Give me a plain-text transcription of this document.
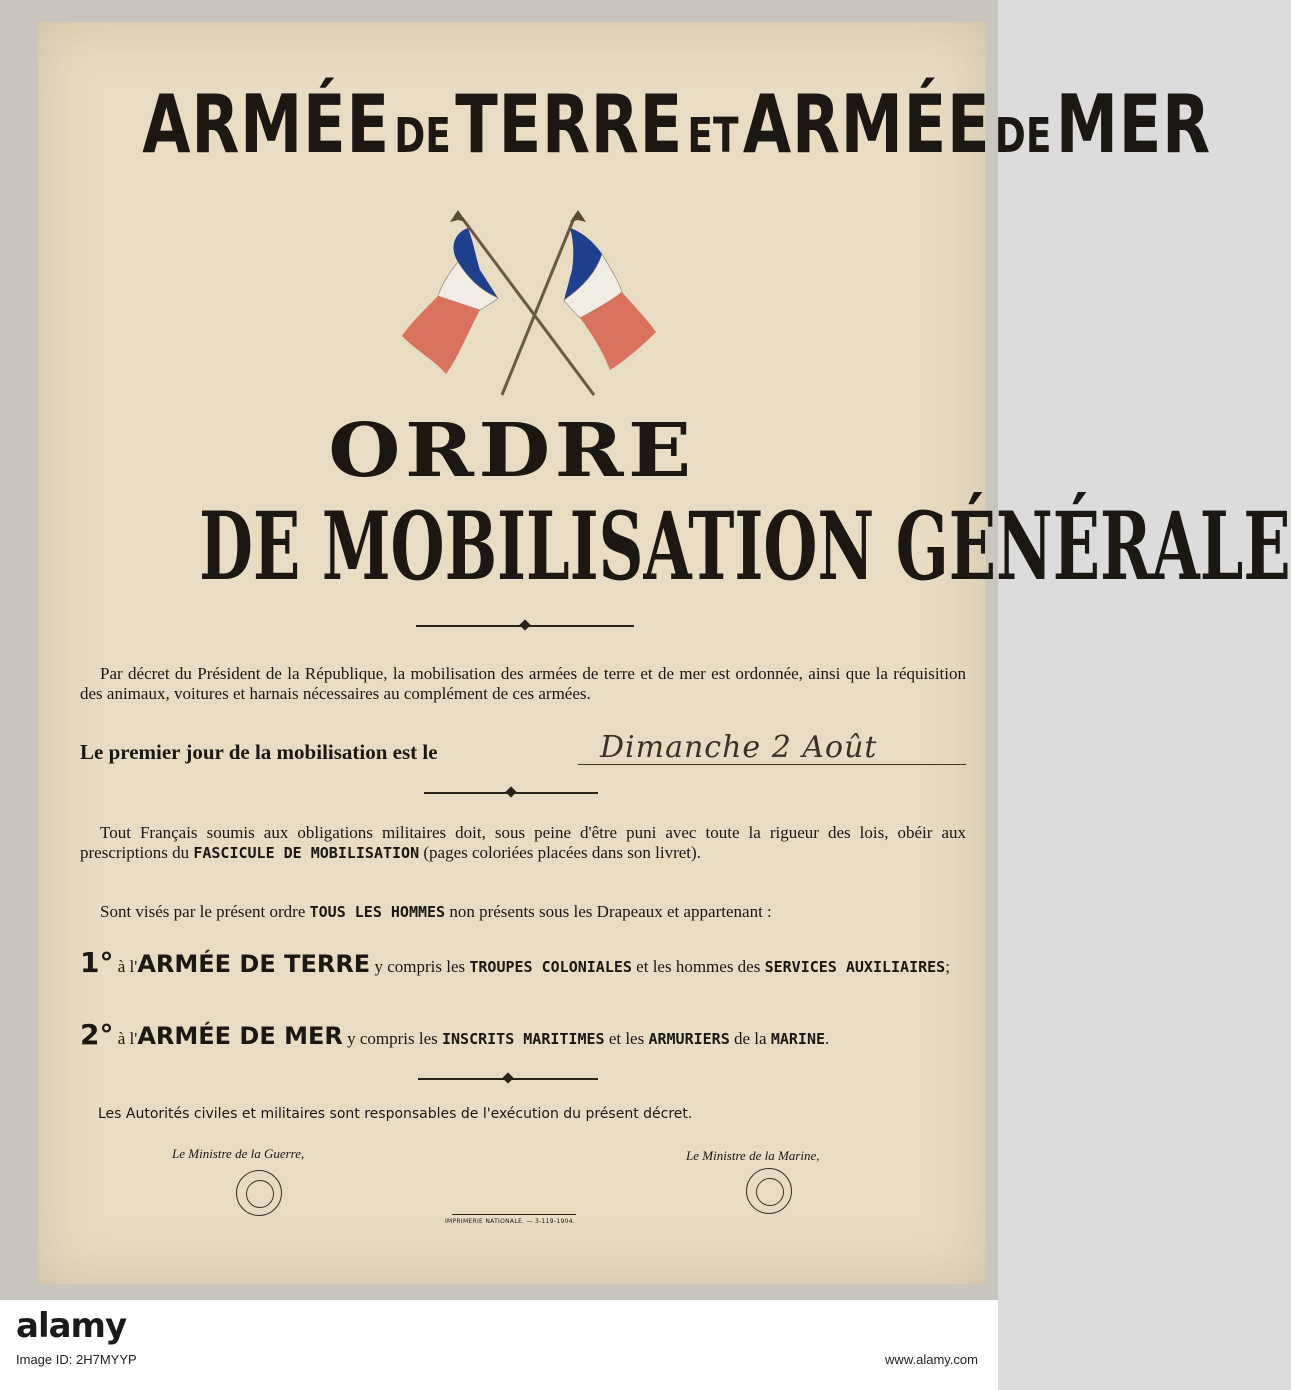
ARMÉE DE TERRE ET ARMÉE DE MER
ORDRE
DE MOBILISATION GÉNÉRALE
Par décret du Président de la République, la mobilisation des armées de terre et de mer est ordonnée, ainsi que la réquisition des animaux, voitures et harnais nécessaires au complément de ces armées.
Le premier jour de la mobilisation est le	Dimanche 2 Août
Tout Français soumis aux obligations militaires doit, sous peine d'être puni avec toute la rigueur des lois, obéir aux prescriptions du FASCICULE DE MOBILISATION (pages coloriées placées dans son livret).
Sont visés par le présent ordre TOUS LES HOMMES non présents sous les Drapeaux et appartenant :
1° à l'ARMÉE DE TERRE y compris les TROUPES COLONIALES et les hommes des SERVICES AUXILIAIRES;
2° à l'ARMÉE DE MER y compris les INSCRITS MARITIMES et les ARMURIERS de la MARINE.
Les Autorités civiles et militaires sont responsables de l'exécution du présent décret.
Le Ministre de la Guerre,	Le Ministre de la Marine,
IMPRIMERIE NATIONALE. — 3-119-1904.
alamy
Image ID: 2H7MYYP	www.alamy.com
